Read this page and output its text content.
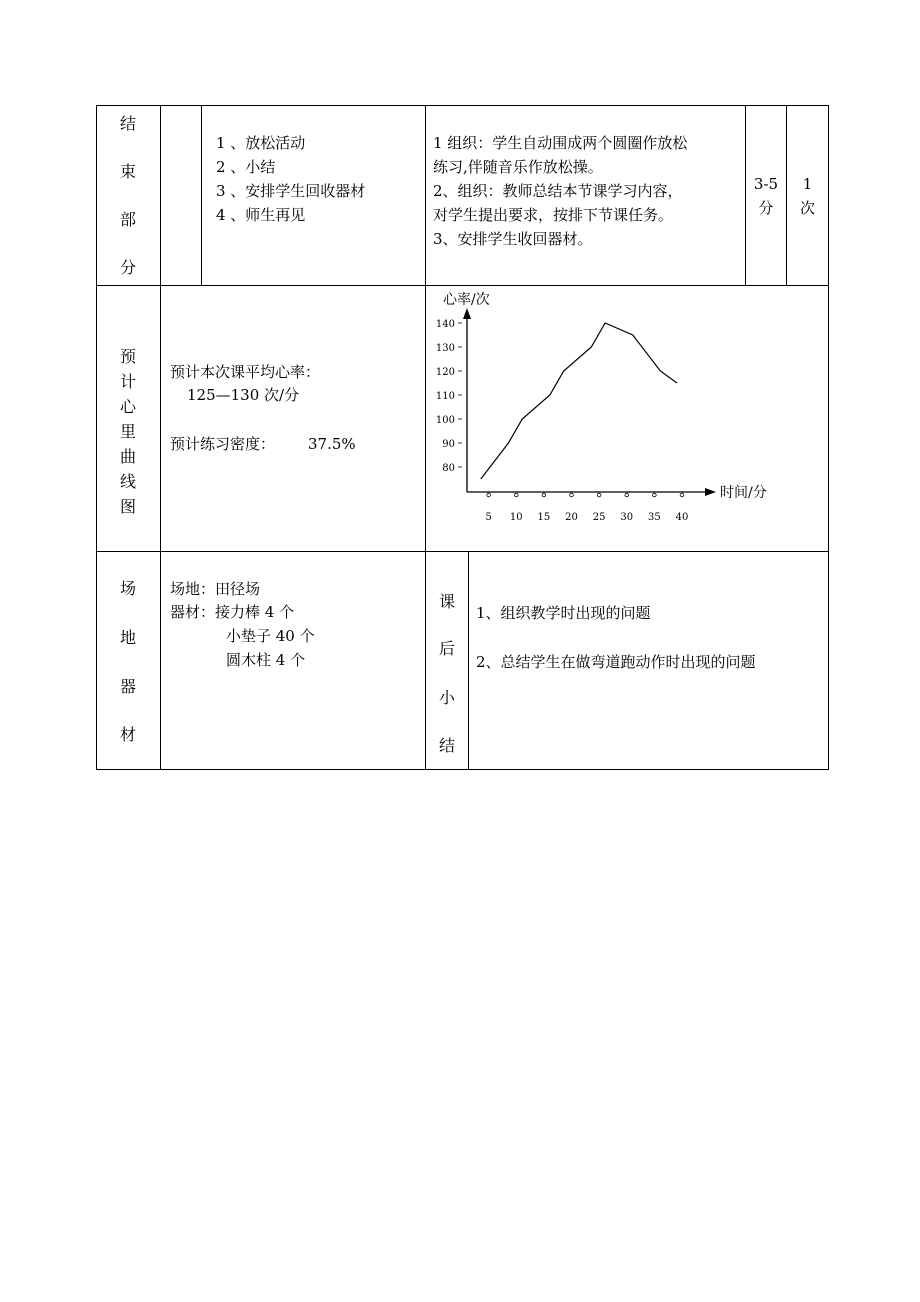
结
束
部
分
1 、放松活动
2 、小结
3 、安排学生回收器材
4 、师生再见
1 组织：学生自动围成两个圆圈作放松
练习,伴随音乐作放松操。
2、组织：教师总结本节课学习内容，
对学生提出要求，按排下节课任务。
3、安排学生收回器材。
3-5
分
1
次
预
计
心
里
曲
线
图
预计本次课平均心率：
125—130 次/分
预计练习密度： 37.5%
心率/次
时间/分
140
130
120
110
100
90
80
5 10 15 20 25 30 35 40
场
地
器
材
场地：田径场
器材：接力棒 4 个
小垫子 40 个
圆木柱 4 个
课
后
小
结
1、组织教学时出现的问题
2、总结学生在做弯道跑动作时出现的问题
